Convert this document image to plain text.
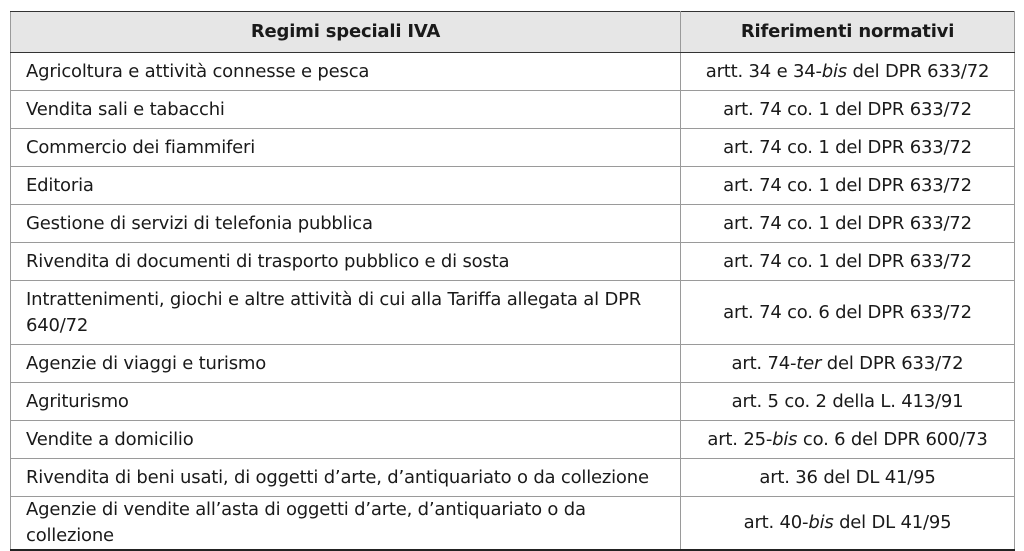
Regimi speciali IVA	Riferimenti normativi
Agricoltura e attività connesse e pesca	artt. 34 e 34-bis del DPR 633/72
Vendita sali e tabacchi	art. 74 co. 1 del DPR 633/72
Commercio dei fiammiferi	art. 74 co. 1 del DPR 633/72
Editoria	art. 74 co. 1 del DPR 633/72
Gestione di servizi di telefonia pubblica	art. 74 co. 1 del DPR 633/72
Rivendita di documenti di trasporto pubblico e di sosta	art. 74 co. 1 del DPR 633/72
Intrattenimenti, giochi e altre attività di cui alla Tariffa allegata al DPR 640/72	art. 74 co. 6 del DPR 633/72
Agenzie di viaggi e turismo	art. 74-ter del DPR 633/72
Agriturismo	art. 5 co. 2 della L. 413/91
Vendite a domicilio	art. 25-bis co. 6 del DPR 600/73
Rivendita di beni usati, di oggetti d’arte, d’antiquariato o da collezione	art. 36 del DL 41/95
Agenzie di vendite all’asta di oggetti d’arte, d’antiquariato o da collezione	art. 40-bis del DL 41/95
